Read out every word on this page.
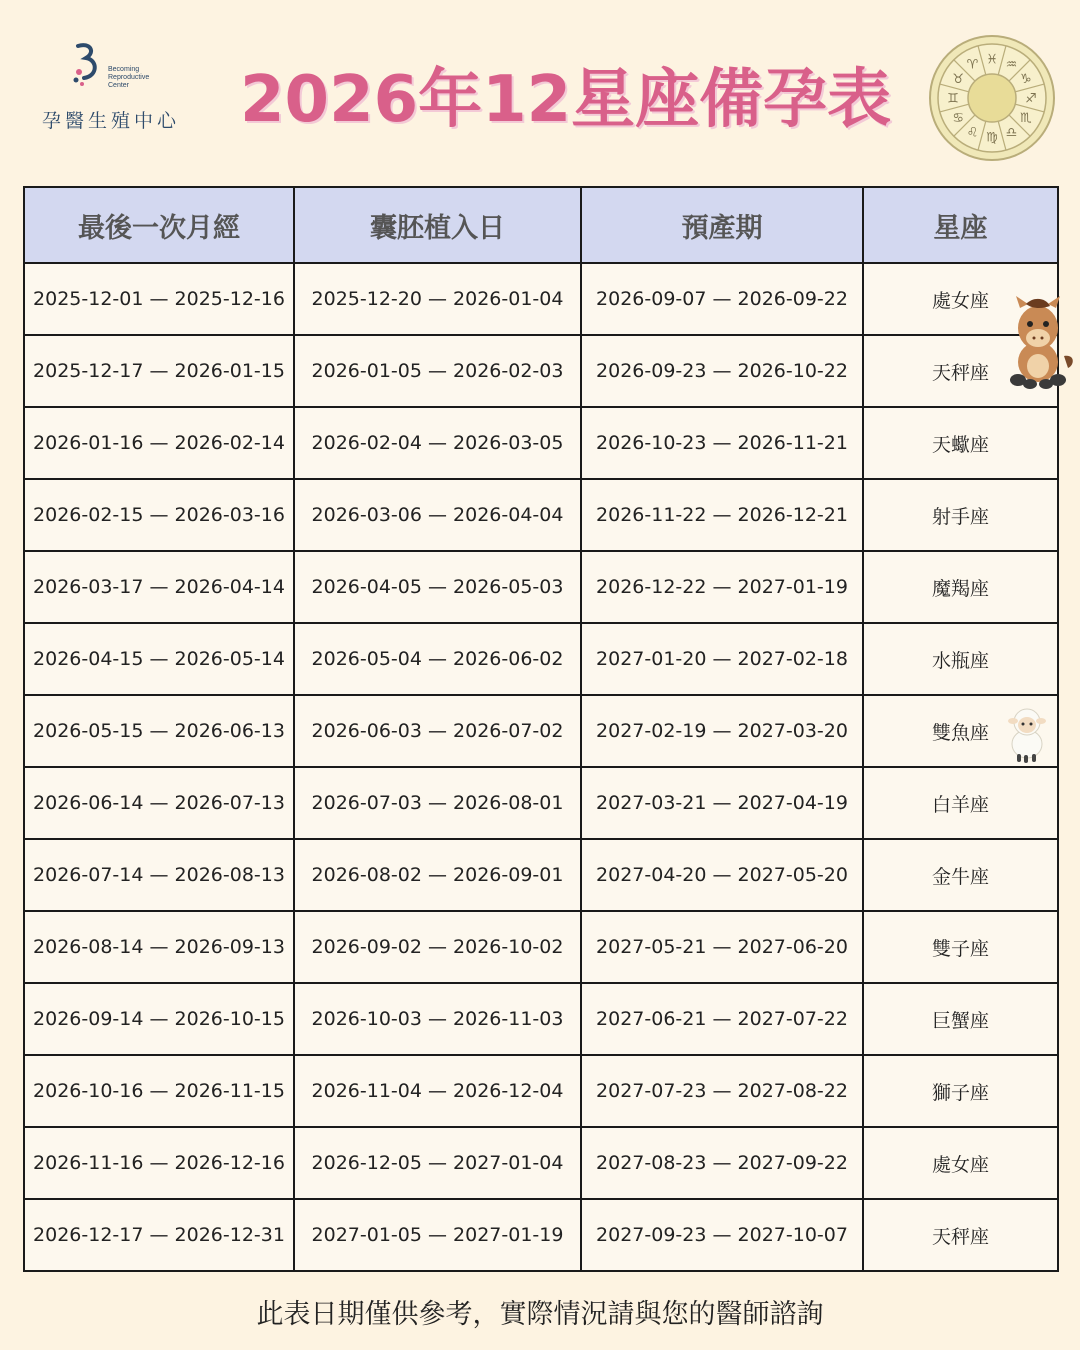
Becoming
Reproductive
Center
孕醫生殖中心 2026年12星座備孕表	♒
♑
♐
♏
♎
♍
♌
♋
♊
♉
♈ ♓
最後一次月經	囊胚植入日	預產期	星座
2025-12-01 — 2025-12-16	2025-12-20 — 2026-01-04	2026-09-07 — 2026-09-22	處女座
2025-12-17 — 2026-01-15	2026-01-05 — 2026-02-03	2026-09-23 — 2026-10-22	天秤座
2026-01-16 — 2026-02-14	2026-02-04 — 2026-03-05	2026-10-23 — 2026-11-21	天蠍座
2026-02-15 — 2026-03-16	2026-03-06 — 2026-04-04	2026-11-22 — 2026-12-21	射手座
2026-03-17 — 2026-04-14	2026-04-05 — 2026-05-03	2026-12-22 — 2027-01-19	魔羯座
2026-04-15 — 2026-05-14	2026-05-04 — 2026-06-02	2027-01-20 — 2027-02-18	水瓶座
2026-05-15 — 2026-06-13	2026-06-03 — 2026-07-02	2027-02-19 — 2027-03-20	雙魚座
2026-06-14 — 2026-07-13	2026-07-03 — 2026-08-01	2027-03-21 — 2027-04-19	白羊座
2026-07-14 — 2026-08-13	2026-08-02 — 2026-09-01	2027-04-20 — 2027-05-20	金牛座
2026-08-14 — 2026-09-13	2026-09-02 — 2026-10-02	2027-05-21 — 2027-06-20	雙子座
2026-09-14 — 2026-10-15	2026-10-03 — 2026-11-03	2027-06-21 — 2027-07-22	巨蟹座
2026-10-16 — 2026-11-15	2026-11-04 — 2026-12-04	2027-07-23 — 2027-08-22	獅子座
2026-11-16 — 2026-12-16	2026-12-05 — 2027-01-04	2027-08-23 — 2027-09-22	處女座
2026-12-17 — 2026-12-31	2027-01-05 — 2027-01-19	2027-09-23 — 2027-10-07	天秤座
此表日期僅供參考，實際情況請與您的醫師諮詢
